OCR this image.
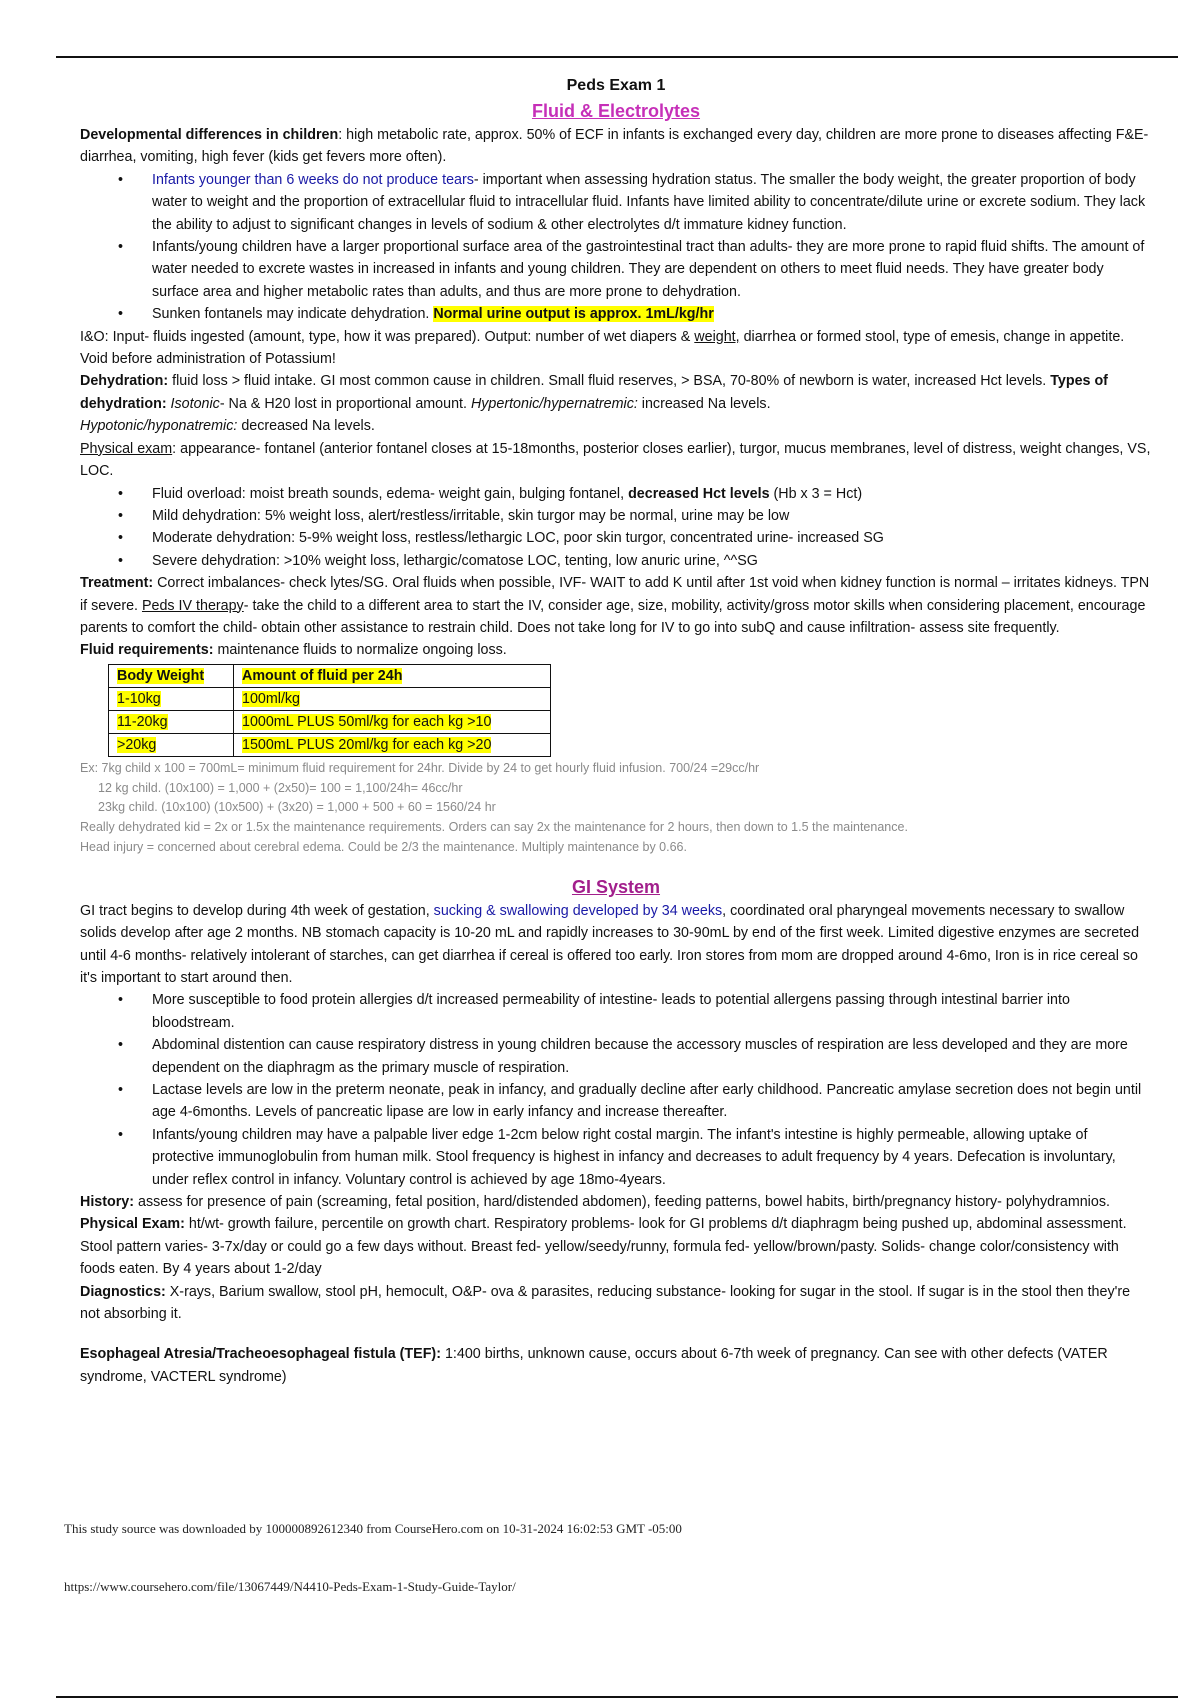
Peds Exam 1
Fluid & Electrolytes

Developmental differences in children: high metabolic rate, approx. 50% of ECF in infants is exchanged every day, children are more prone to diseases affecting F&E- diarrhea, vomiting, high fever (kids get fevers more often).

• Infants younger than 6 weeks do not produce tears- important when assessing hydration status. The smaller the body weight, the greater proportion of body water to weight and the proportion of extracellular fluid to intracellular fluid. Infants have limited ability to concentrate/dilute urine or excrete sodium. They lack the ability to adjust to significant changes in levels of sodium & other electrolytes d/t immature kidney function.
• Infants/young children have a larger proportional surface area of the gastrointestinal tract than adults- they are more prone to rapid fluid shifts. The amount of water needed to excrete wastes in increased in infants and young children. They are dependent on others to meet fluid needs. They have greater body surface area and higher metabolic rates than adults, and thus are more prone to dehydration.
• Sunken fontanels may indicate dehydration. Normal urine output is approx. 1mL/kg/hr

I&O: Input- fluids ingested (amount, type, how it was prepared). Output: number of wet diapers & weight, diarrhea or formed stool, type of emesis, change in appetite. Void before administration of Potassium!

Dehydration: fluid loss > fluid intake. GI most common cause in children. Small fluid reserves, > BSA, 70-80% of newborn is water, increased Hct levels. Types of dehydration: Isotonic- Na & H20 lost in proportional amount. Hypertonic/hypernatremic: increased Na levels.
Hypotonic/hyponatremic: decreased Na levels.

Physical exam: appearance- fontanel (anterior fontanel closes at 15-18months, posterior closes earlier), turgor, mucus membranes, level of distress, weight changes, VS, LOC.

• Fluid overload: moist breath sounds, edema- weight gain, bulging fontanel, decreased Hct levels (Hb x 3 = Hct)
• Mild dehydration: 5% weight loss, alert/restless/irritable, skin turgor may be normal, urine may be low
• Moderate dehydration: 5-9% weight loss, restless/lethargic LOC, poor skin turgor, concentrated urine- increased SG
• Severe dehydration: >10% weight loss, lethargic/comatose LOC, tenting, low anuric urine, ^^SG

Treatment: Correct imbalances- check lytes/SG. Oral fluids when possible, IVF- WAIT to add K until after 1st void when kidney function is normal – irritates kidneys. TPN if severe. Peds IV therapy- take the child to a different area to start the IV, consider age, size, mobility, activity/gross motor skills when considering placement, encourage parents to comfort the child- obtain other assistance to restrain child. Does not take long for IV to go into subQ and cause infiltration- assess site frequently.

Fluid requirements: maintenance fluids to normalize ongoing loss.

Body Weight	Amount of fluid per 24h
1-10kg	100ml/kg
11-20kg	1000mL PLUS 50ml/kg for each kg >10
>20kg	1500mL PLUS 20ml/kg for each kg >20

Ex: 7kg child x 100 = 700mL= minimum fluid requirement for 24hr. Divide by 24 to get hourly fluid infusion. 700/24 =29cc/hr

12 kg child. (10x100) = 1,000 + (2x50)= 100 = 1,100/24h= 46cc/hr

23kg child. (10x100) (10x500) + (3x20) = 1,000 + 500 + 60 = 1560/24 hr

Really dehydrated kid = 2x or 1.5x the maintenance requirements. Orders can say 2x the maintenance for 2 hours, then down to 1.5 the maintenance.

Head injury = concerned about cerebral edema. Could be 2/3 the maintenance. Multiply maintenance by 0.66.

GI System

GI tract begins to develop during 4th week of gestation, sucking & swallowing developed by 34 weeks, coordinated oral pharyngeal movements necessary to swallow solids develop after age 2 months. NB stomach capacity is 10-20 mL and rapidly increases to 30-90mL by end of the first week. Limited digestive enzymes are secreted until 4-6 months- relatively intolerant of starches, can get diarrhea if cereal is offered too early. Iron stores from mom are dropped around 4-6mo, Iron is in rice cereal so it's important to start around then.

• More susceptible to food protein allergies d/t increased permeability of intestine- leads to potential allergens passing through intestinal barrier into bloodstream.
• Abdominal distention can cause respiratory distress in young children because the accessory muscles of respiration are less developed and they are more dependent on the diaphragm as the primary muscle of respiration.
• Lactase levels are low in the preterm neonate, peak in infancy, and gradually decline after early childhood. Pancreatic amylase secretion does not begin until age 4-6months. Levels of pancreatic lipase are low in early infancy and increase thereafter.
• Infants/young children may have a palpable liver edge 1-2cm below right costal margin. The infant's intestine is highly permeable, allowing uptake of protective immunoglobulin from human milk. Stool frequency is highest in infancy and decreases to adult frequency by 4 years. Defecation is involuntary, under reflex control in infancy. Voluntary control is achieved by age 18mo-4years.

History: assess for presence of pain (screaming, fetal position, hard/distended abdomen), feeding patterns, bowel habits, birth/pregnancy history- polyhydramnios.

Physical Exam: ht/wt- growth failure, percentile on growth chart. Respiratory problems- look for GI problems d/t diaphragm being pushed up, abdominal assessment. Stool pattern varies- 3-7x/day or could go a few days without. Breast fed- yellow/seedy/runny, formula fed- yellow/brown/pasty. Solids- change color/consistency with foods eaten. By 4 years about 1-2/day

Diagnostics: X-rays, Barium swallow, stool pH, hemocult, O&P- ova & parasites, reducing substance- looking for sugar in the stool. If sugar is in the stool then they're not absorbing it.

Esophageal Atresia/Tracheoesophageal fistula (TEF): 1:400 births, unknown cause, occurs about 6-7th week of pregnancy. Can see with other defects (VATER syndrome, VACTERL syndrome)

This study source was downloaded by 100000892612340 from CourseHero.com on 10-31-2024 16:02:53 GMT -05:00
https://www.coursehero.com/file/13067449/N4410-Peds-Exam-1-Study-Guide-Taylor/
